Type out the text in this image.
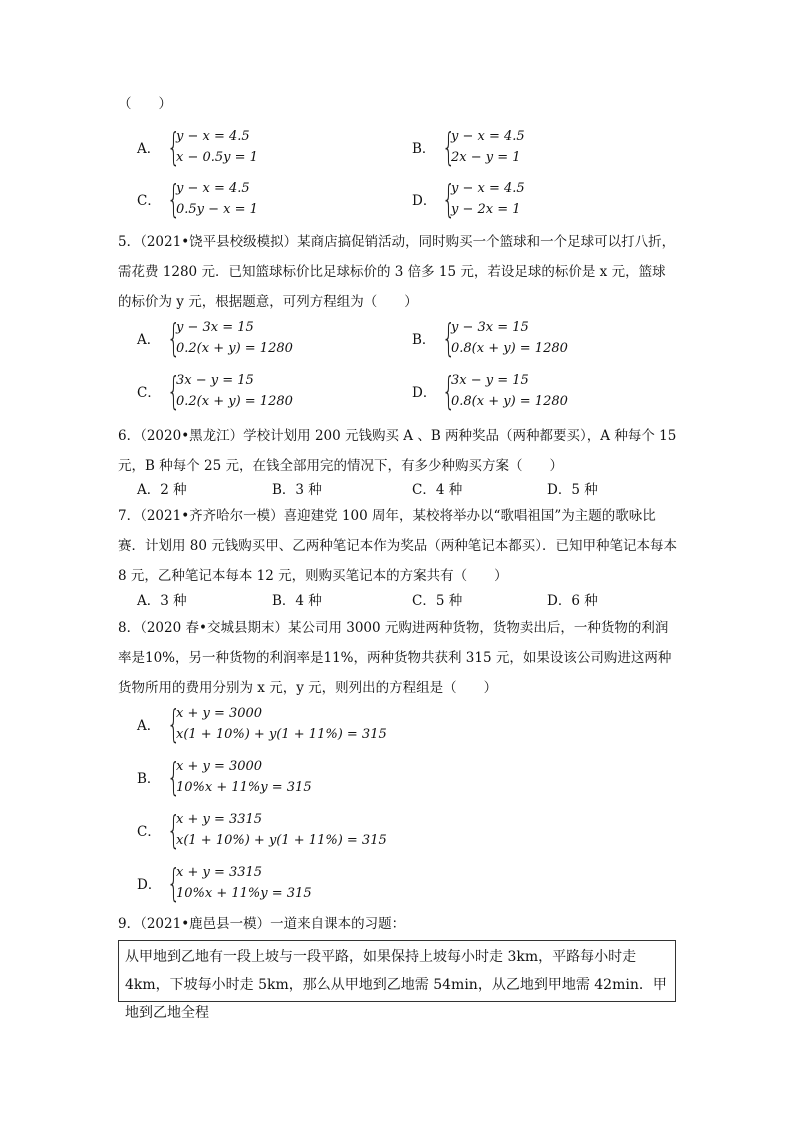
（　　）
A． {
y − x = 4.5
x − 0.5y = 1
B． {
y − x = 4.5
2x − y = 1
C． {
y − x = 4.5
0.5y − x = 1
D． {
y − x = 4.5
y − 2x = 1
5．（2021•饶平县校级模拟）某商店搞促销活动，同时购买一个篮球和一个足球可以打八折，需花费 1280 元．已知篮球标价比足球标价的 3 倍多 15 元，若设足球的标价是 x 元，篮球的标价为 y 元，根据题意，可列方程组为（　　）
A． {
y − 3x = 15
0.2(x + y) = 1280
B． {
y − 3x = 15
0.8(x + y) = 1280
C． {
3x − y = 15
0.2(x + y) = 1280
D． {
3x − y = 15
0.8(x + y) = 1280
6．（2020•黑龙江）学校计划用 200 元钱购买 A 、B 两种奖品（两种都要买），A 种每个 15 元，B 种每个 25 元，在钱全部用完的情况下，有多少种购买方案（　　）
A．2 种	B．3 种	C．4 种	D．5 种
7．（2021•齐齐哈尔一模）喜迎建党 100 周年，某校将举办以“歌唱祖国”为主题的歌咏比赛．计划用 80 元钱购买甲、乙两种笔记本作为奖品（两种笔记本都买）．已知甲种笔记本每本 8 元，乙种笔记本每本 12 元，则购买笔记本的方案共有（　　）
A．3 种	B．4 种	C．5 种	D．6 种
8．（2020 春•交城县期末）某公司用 3000 元购进两种货物，货物卖出后，一种货物的利润率是10%，另一种货物的利润率是11%，两种货物共获利 315 元，如果设该公司购进这两种货物所用的费用分别为 x 元，y 元，则列出的方程组是（　　）
A． {
x + y = 3000
x(1 + 10%) + y(1 + 11%) = 315
B． {
x + y = 3000
10%x + 11%y = 315
C． {
x + y = 3315
x(1 + 10%) + y(1 + 11%) = 315
D． {
x + y = 3315
10%x + 11%y = 315
9．（2021•鹿邑县一模）一道来自课本的习题：
从甲地到乙地有一段上坡与一段平路，如果保持上坡每小时走 3km，平路每小时走 4km，下坡每小时走 5km，那么从甲地到乙地需 54min，从乙地到甲地需 42min．甲地到乙地全程
